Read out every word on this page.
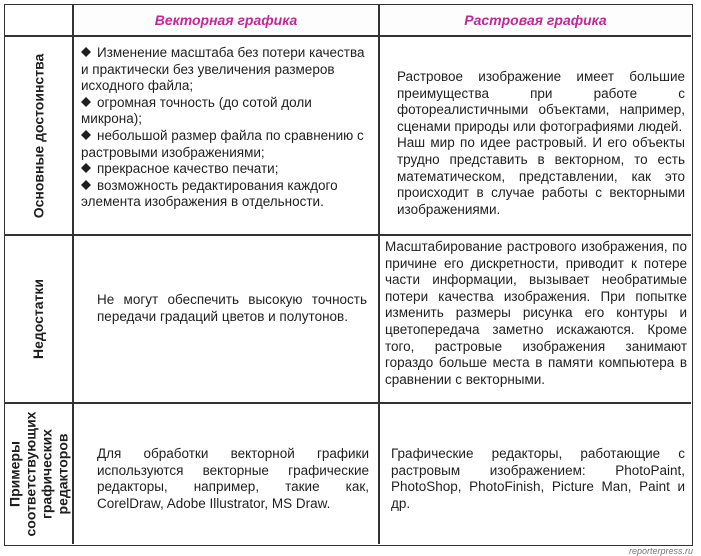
Векторная графика	Растровая графика
Основные достоинства
Изменение масштаба без потери качества и практически без увеличения размеров исходного файла;
огромная точность (до сотой доли микрона);
небольшой размер файла по сравнению с растровыми изображениями;
прекрасное качество печати;
возможность редактирования каждого элемента изображения в отдельности.
Растровое изображение имеет большие преимущества при работе с фотореалистичными объектами, например, сценами природы или фотографиями людей.
Наш мир по идее растровый. И его объекты трудно представить в векторном, то есть математическом, представлении, как это происходит в случае работы с векторными изображениями.
Недостатки	Не могут обеспечить высокую точность передачи градаций цветов и полутонов.
Масштабирование растрового изображения, по причине его дискретности, приводит к потере части информации, вызывает необратимые потери качества изображения. При попытке изменить размеры рисунка его контуры и цветопередача заметно искажаются. Кроме того, растровые изображения занимают гораздо больше места в памяти компьютера в сравнении с векторными.
Примеры соответствующих графических редакторов Для обработки векторной графики используются векторные графические редакторы, например, такие как, CorelDraw, Adobe Illustrator, MS Draw.
Графические редакторы, работающие с растровым изображением: PhotoPaint, PhotoShop, PhotoFinish, Picture Man, Paint и др.
reporterpress.ru
